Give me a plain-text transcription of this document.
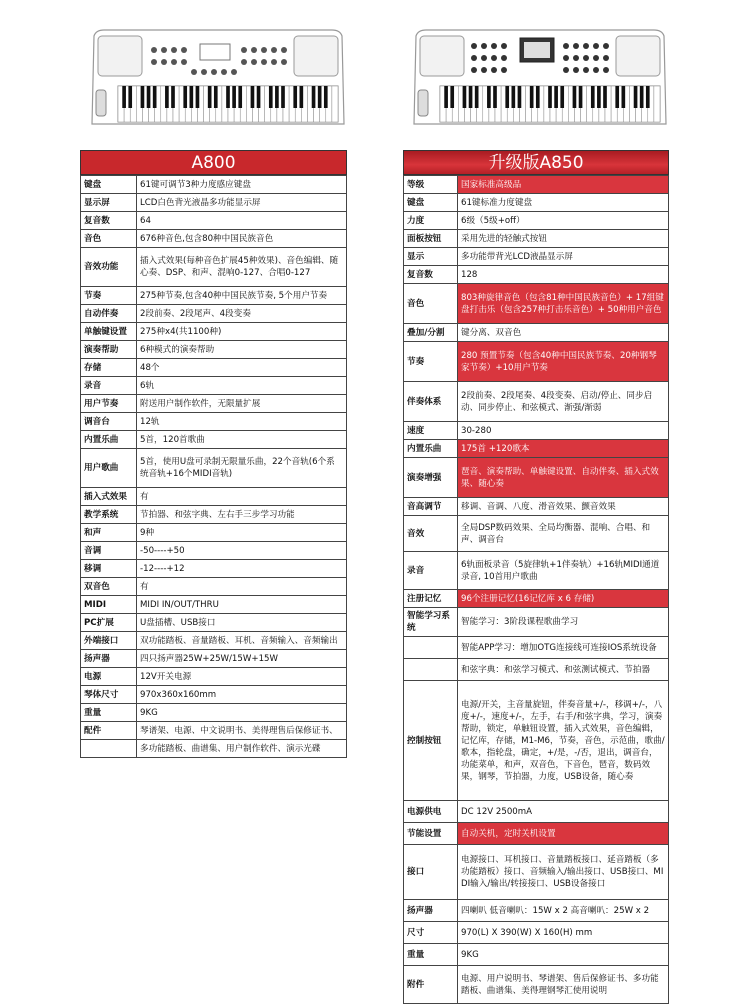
A800
键盘	61键可调节3种力度感应键盘
显示屏	LCD白色背光液晶多功能显示屏
复音数	64
音色	676种音色,包含80种中国民族音色
音效功能	插入式效果(每种音色扩展45种效果)、音色编辑、随心奏、DSP、和声、混响0-127、合唱0-127
节奏	275种节奏,包含40种中国民族节奏, 5个用户节奏
自动伴奏	2段前奏、2段尾声、4段变奏
单触键设置	275种x4(共1100种)
演奏帮助	6种模式的演奏帮助
存储	48个
录音	6轨
用户节奏	附送用户制作软件，无限量扩展
调音台	12轨
内置乐曲	5首，120首歌曲
用户歌曲	5首，使用U盘可录制无限量乐曲，22个音轨(6个系统音轨+16个MIDI音轨)
插入式效果	有
教学系统	节拍器、和弦字典、左右手三步学习功能
和声	9种
音调	-50----+50
移调	-12----+12
双音色	有
MIDI	MIDI IN/OUT/THRU
PC扩展	U盘插槽、USB接口
外端接口	双功能踏板、音量踏板、耳机、音频输入、音频输出
扬声器	四只扬声器25W+25W/15W+15W
电源	12V开关电源
琴体尺寸	970x360x160mm
重量	9KG
配件	琴谱架、电源、中文说明书、美得理售后保修证书、
	多功能踏板、曲谱集、用户制作软件、演示光碟
升级版A850
等级	国家标准高级品
键盘	61键标准力度键盘
力度	6级（5级+off）
面板按钮	采用先进的轻触式按钮
显示	多功能带背光LCD液晶显示屏
复音数	128
音色	803种旋律音色（包含81种中国民族音色）+ 17组键盘打击乐（包含257种打击乐音色）+ 50种用户音色
叠加/分割	键分离、双音色
节奏	280 预置节奏（包含40种中国民族节奏、20种钢琴家节奏）+10用户节奏
伴奏体系	2段前奏、2段尾奏、4段变奏、启动/停止、同步启动、同步停止、和弦模式、渐强/渐弱
速度	30-280
内置乐曲	175首 +120歌本
演奏增强	琶音、演奏帮助、单触键设置、自动伴奏、插入式效果、随心奏
音高调节	移调、音调、八度、滑音效果、颤音效果
音效	全局DSP数码效果、全局均衡器、混响、合唱、和声、调音台
录音	6轨面板录音（5旋律轨+1伴奏轨）+16轨MIDI通道录音, 10首用户歌曲
注册记忆	96个注册记忆(16记忆库 x 6 存储)
智能学习系统	智能学习：3阶段课程歌曲学习
	智能APP学习：增加OTG连接线可连接IOS系统设备
	和弦字典：和弦学习模式、和弦测试模式、节拍器
控制按钮	电源/开关，主音量旋钮，伴奏音量+/-，移调+/-，八度+/-，速度+/-，左手，右手/和弦字典，学习，演奏帮助，锁定，单触钮设置，插入式效果，音色编辑，记忆库，存储，M1-M6，节奏，音色，示范曲，歌曲/歌本，指轮盘，确定，+/是，-/否，退出，调音台，功能菜单，和声，双音色，下音色，琶音，数码效果，钢琴，节拍器，力度，USB设备，随心奏
电源供电	DC 12V 2500mA
节能设置	自动关机，定时关机设置
接口	电源接口、耳机接口、音量踏板接口、延音踏板（多功能踏板）接口、音频输入/输出接口、USB接口、MIDI输入/输出/转接接口、USB设备接口
扬声器	四喇叭 低音喇叭：15W x 2 高音喇叭：25W x 2
尺寸	970(L) X 390(W) X 160(H) mm
重量	9KG
附件	电源、用户说明书、琴谱架、售后保修证书、多功能踏板、曲谱集、美得理钢琴汇使用说明
